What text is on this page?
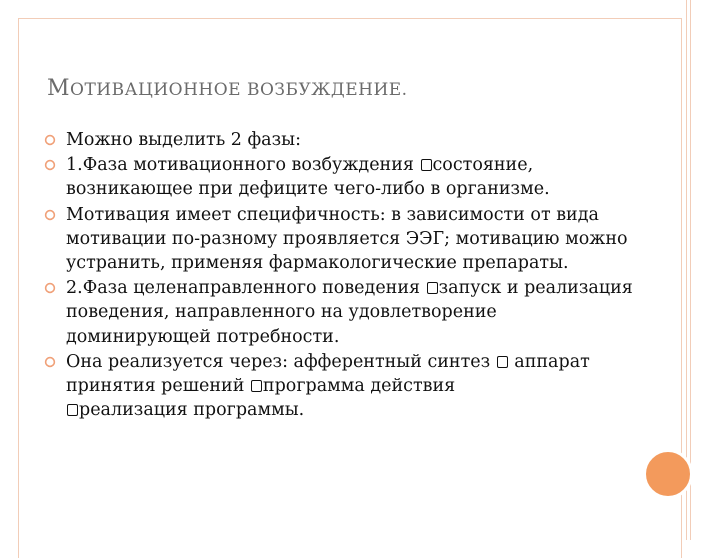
МОТИВАЦИОННОЕ ВОЗБУЖДЕНИЕ.
Можно выделить 2 фазы:
1.Фаза мотивационного возбуждения состояние, возникающее при дефиците чего-либо в организме.
Мотивация имеет специфичность: в зависимости от вида мотивации по-разному проявляется ЭЭГ; мотивацию можно устранить, применяя фармакологические препараты.
2.Фаза целенаправленного поведения запуск и реализация поведения, направленного на удовлетворение доминирующей потребности.
Она реализуется через: афферентный синтез  аппарат принятия решений программа действия
реализация программы.
